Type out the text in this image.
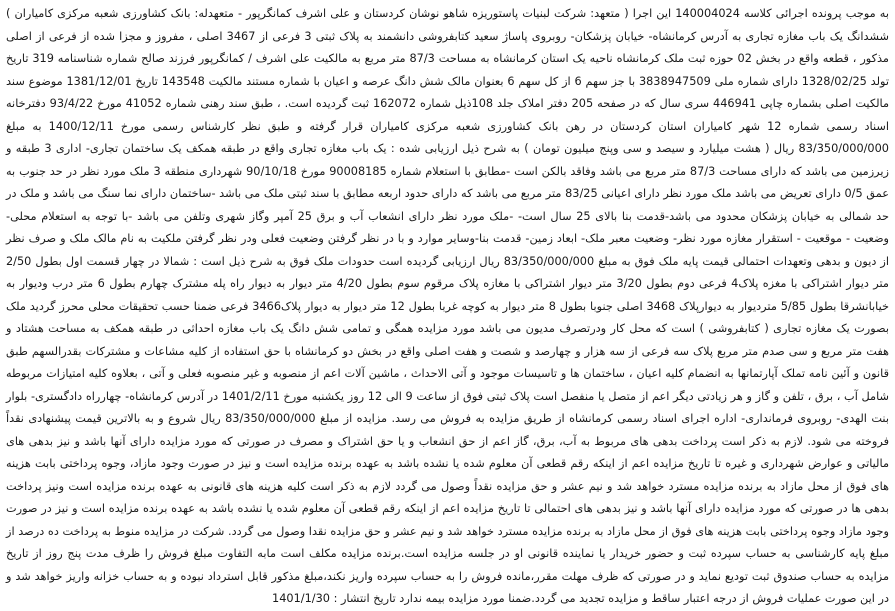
به موجب پرونده اجرائی کلاسه 140004024 این اجرا ( متعهد: شرکت لبنیات پاستوریزه شاهو نوشان کردستان و علی اشرف کمانگرپور - متعهدله: بانک کشاورزی شعبه مرکزی کامیاران ) ششدانگ یک باب مغازه تجاری به آدرس کرمانشاه- خیابان پزشکان- روبروی پاساژ سعید کتابفروشی دانشمند به پلاک ثبتی 3 فرعی از 3467 اصلی ، مفروز و مجزا شده از فرعی از اصلی مذکور ، قطعه واقع در بخش 02 حوزه ثبت ملک کرمانشاه ناحیه یک استان کرمانشاه به مساحت 87/3 متر مربع به مالکیت علی اشرف / کمانگرپور فرزند صالح شماره شناسنامه 319 تاریخ تولد 1328/02/25 دارای شماره ملی 3838947509 با جز سهم 6 از کل سهم 6 بعنوان مالک شش دانگ عرصه و اعیان با شماره مستند مالکیت 143548 تاریخ 1381/12/01 موضوع سند مالکیت اصلی بشماره چاپی 446941 سری سال که در صفحه 205 دفتر املاک جلد 108ذیل شماره 162072 ثبت گردیده است. ، طبق سند رهنی شماره 41052 مورخ 93/4/22 دفترخانه اسناد رسمی شماره 12 شهر کامیاران استان کردستان در رهن بانک کشاورزی شعبه مرکزی کامیاران قرار گرفته و طبق نظر کارشناس رسمی مورخ 1400/12/11 به مبلغ 83/350/000/000 ریال ( هشت میلیارد و سیصد و سی وپنج میلیون تومان ) به شرح ذیل ارزیابی شده : یک باب مغازه تجاری واقع در طبقه همکف یک ساختمان تجاری- اداری 3 طبقه و زیرزمین می باشد که دارای مساحت 87/3 متر مربع می باشد وفاقد بالکن است -مطابق با استعلام شماره 90008185 مورخ 90/10/18 شهرداری منطقه 3 ملک مورد نظر در حد جنوب به عمق 0/5 دارای تعریض می باشد ملک مورد نظر دارای اعیانی 83/25 متر مربع می باشد که دارای حدود اربعه مطابق با سند ثبتی ملک می باشد -ساختمان دارای نما سنگ می باشد و ملک در حد شمالی به خیابان پزشکان محدود می باشد-قدمت بنا بالای 25 سال است- -ملک مورد نظر دارای انشعاب آب و برق 25 آمپر وگاز شهری وتلفن می باشد -با توجه به استعلام محلی- وضعیت - موقعیت - استقرار مغازه مورد نظر- وضعیت معبر ملک- ابعاد زمین- قدمت بنا-وسایر موارد و با در نظر گرفتن وضعیت فعلی ودر نظر گرفتن ملکیت به نام مالک ملک و صرف نظر از دیون و بدهی وتعهدات احتمالی قیمت پایه ملک فوق به مبلغ 83/350/000/000 ریال ارزیابی گردیده است حدودات ملک فوق به شرح ذیل است : شمالا در چهار قسمت اول بطول 2/50 متر دیوار اشتراکی با مغزه پلاک4 فرعی دوم بطول 3/20 متر دیوار اشتراکی با مغازه پلاک مرقوم سوم بطول 4/20 متر دیوار به دیوار راه پله مشترک چهارم بطول 6 متر درب ودیوار به خیابانشرقا بطول 5/85 متردیوار به دیوارپلاک 3468 اصلی جنوبا بطول 8 متر دیوار به کوچه غربا بطول 12 متر دیوار به دیوار پلاک3466 فرعی ضمنا حسب تحقیقات محلی محرز گردید ملک بصورت یک مغازه تجاری ( کتابفروشی ) است که محل کار ودرتصرف مدیون می باشد مورد مزایده همگی و تمامی شش دانگ یک باب مغازه احداثی در طبقه همکف به مساحت هشتاد و هفت متر مربع و سی صدم متر مربع پلاک سه فرعی از سه هزار و چهارصد و شصت و هفت اصلی واقع در بخش دو کرمانشاه با حق استفاده از کلیه مشاعات و مشترکات بقدرالسهم طبق قانون و آئین نامه تملک آپارتمانها به انضمام کلیه اعیان ، ساختمان ها و تاسیسات موجود و آتی الاحداث ، ماشین آلات اعم از منصوبه و غیر منصوبه فعلی و آتی ، بعلاوه کلیه امتیازات مربوطه شامل آب ، برق ، تلفن و گاز و هر زیادتی دیگر اعم از متصل یا منفصل است پلاک ثبتی فوق از ساعت 9 الی 12 روز یکشنبه مورخ 1401/2/11 در آدرس کرمانشاه- چهارراه دادگستری- بلوار بنت الهدی- روبروی فرمانداری- اداره اجرای اسناد رسمی کرمانشاه از طریق مزایده به فروش می رسد. مزایده از مبلغ 83/350/000/000 ریال شروع و به بالاترین قیمت پیشنهادی نقداً فروخته می شود. لازم به ذکر است پرداخت بدهی های مربوط به آب، برق، گاز اعم از حق انشعاب و یا حق اشتراک و مصرف در صورتی که مورد مزایده دارای آنها باشد و نیز بدهی های مالیاتی و عوارض شهرداری و غیره تا تاریخ مزایده اعم از اینکه رقم قطعی آن معلوم شده یا نشده باشد به عهده برنده مزایده است و نیز در صورت وجود مازاد، وجوه پرداختی بابت هزینه های فوق از محل مازاد به برنده مزایده مسترد خواهد شد و نیم عشر و حق مزایده نقداً وصول می گردد لازم به ذکر است کلیه هزینه های قانونی به عهده برنده مزایده است ونیز پرداخت بدهی ها در صورتی که مورد مزایده دارای آنها باشد و نیز بدهی های احتمالی تا تاریخ مزایده اعم از اینکه رقم قطعی آن معلوم شده یا نشده باشد به عهده برنده مزایده است و نیز در صورت وجود مازاد وجوه پرداختی بابت هزینه های فوق از محل مازاد به برنده مزایده مسترد خواهد شد و نیم عشر و حق مزایده نقدا وصول می گردد. شرکت در مزایده منوط به پرداخت ده درصد از مبلغ پایه کارشناسی به حساب سپرده ثبت و حضور خریدار یا نماینده قانونی او در جلسه مزایده است.برنده مزایده مکلف است مابه التفاوت مبلغ فروش را ظرف مدت پنج روز از تاریخ مزایده به حساب صندوق ثبت توديع نمايد و در صورتی که ظرف مهلت مقرر،مانده فروش را به حساب سپرده واریز نکند،مبلغ مذکور قابل استرداد نبوده و به حساب خزانه واریز خواهد شد و در این صورت عملیات فروش از درجه اعتبار ساقط و مزایده تجدید می گردد.ضمنا مورد مزایده بیمه ندارد تاریخ انتشار : 1401/1/30
